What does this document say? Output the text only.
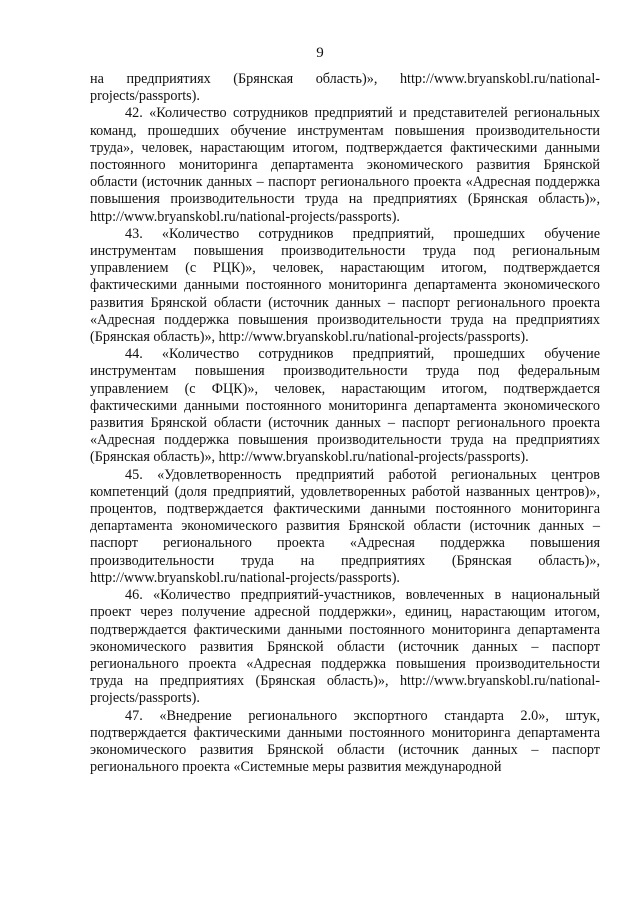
9

на предприятиях (Брянская область)», http://www.bryanskobl.ru/national-projects/passports).

42. «Количество сотрудников предприятий и представителей региональных команд, прошедших обучение инструментам повышения производительности труда», человек, нарастающим итогом, подтверждается фактическими данными постоянного мониторинга департамента экономического развития Брянской области (источник данных – паспорт регионального проекта «Адресная поддержка повышения производительности труда на предприятиях (Брянская область)», http://www.bryanskobl.ru/national-projects/passports).

43. «Количество сотрудников предприятий, прошедших обучение инструментам повышения производительности труда под региональным управлением (с РЦК)», человек, нарастающим итогом, подтверждается фактическими данными постоянного мониторинга департамента экономического развития Брянской области (источник данных – паспорт регионального проекта «Адресная поддержка повышения производительности труда на предприятиях (Брянская область)», http://www.bryanskobl.ru/national-projects/passports).

44. «Количество сотрудников предприятий, прошедших обучение инструментам повышения производительности труда под федеральным управлением (с ФЦК)», человек, нарастающим итогом, подтверждается фактическими данными постоянного мониторинга департамента экономического развития Брянской области (источник данных – паспорт регионального проекта «Адресная поддержка повышения производительности труда на предприятиях (Брянская область)», http://www.bryanskobl.ru/national-projects/passports).

45. «Удовлетворенность предприятий работой региональных центров компетенций (доля предприятий, удовлетворенных работой названных центров)», процентов, подтверждается фактическими данными постоянного мониторинга департамента экономического развития Брянской области (источник данных – паспорт регионального проекта «Адресная поддержка повышения производительности труда на предприятиях (Брянская область)», http://www.bryanskobl.ru/national-projects/passports).

46. «Количество предприятий-участников, вовлеченных в национальный проект через получение адресной поддержки», единиц, нарастающим итогом, подтверждается фактическими данными постоянного мониторинга департамента экономического развития Брянской области (источник данных – паспорт регионального проекта «Адресная поддержка повышения производительности труда на предприятиях (Брянская область)», http://www.bryanskobl.ru/national-projects/passports).

47. «Внедрение регионального экспортного стандарта 2.0», штук, подтверждается фактическими данными постоянного мониторинга департамента экономического развития Брянской области (источник данных – паспорт регионального проекта «Системные меры развития международной
